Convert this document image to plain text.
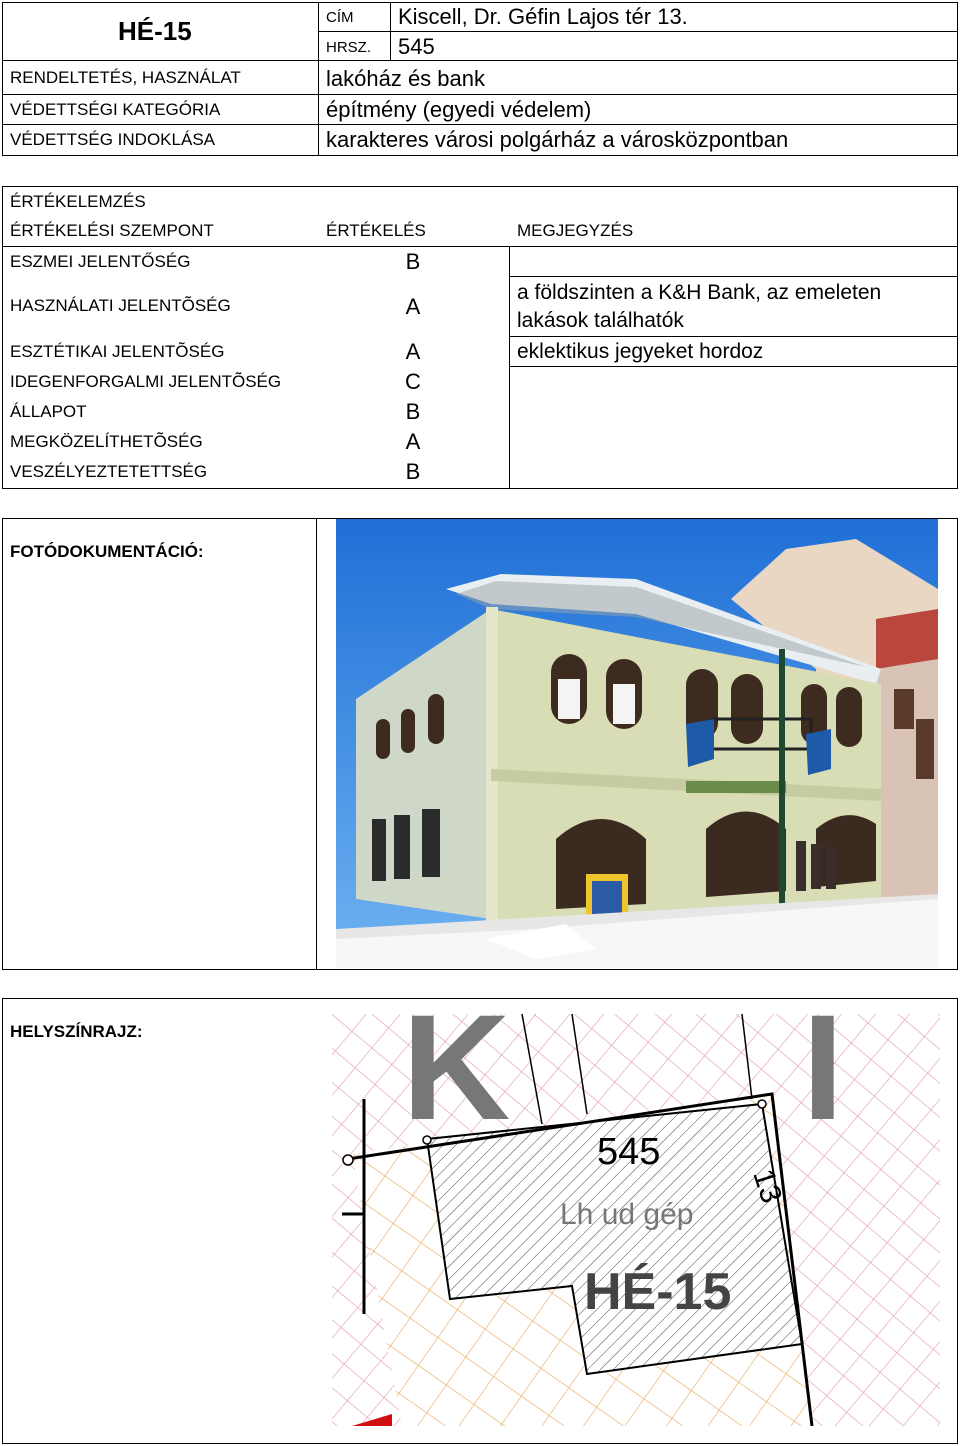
HÉ-15	CÍM Kiscell, Dr. Géfin Lajos tér 13.
HRSZ. 545
RENDELTETÉS, HASZNÁLAT	lakóház és bank
VÉDETTSÉGI KATEGÓRIA	építmény (egyedi védelem)
VÉDETTSÉG INDOKLÁSA	karakteres városi polgárház a városközpontban
ÉRTÉKELEMZÉS
ÉRTÉKELÉSI SZEMPONT	ÉRTÉKELÉS	MEGJEGYZÉS
ESZMEI JELENTŐSÉG	B
HASZNÁLATI JELENTÕSÉG	A
a földszinten a K&H Bank, az emeleten
lakások találhatók
ESZTÉTIKAI JELENTÕSÉG	A	eklektikus jegyeket hordoz
IDEGENFORGALMI JELENTÕSÉG	C
ÁLLAPOT	B
MEGKÖZELÍTHETÕSÉG	A
VESZÉLYEZTETETTSÉG	B
FOTÓDOKUMENTÁCIÓ:
HELYSZÍNRAJZ: K I
545
13
Lh ud gép
HÉ-15
